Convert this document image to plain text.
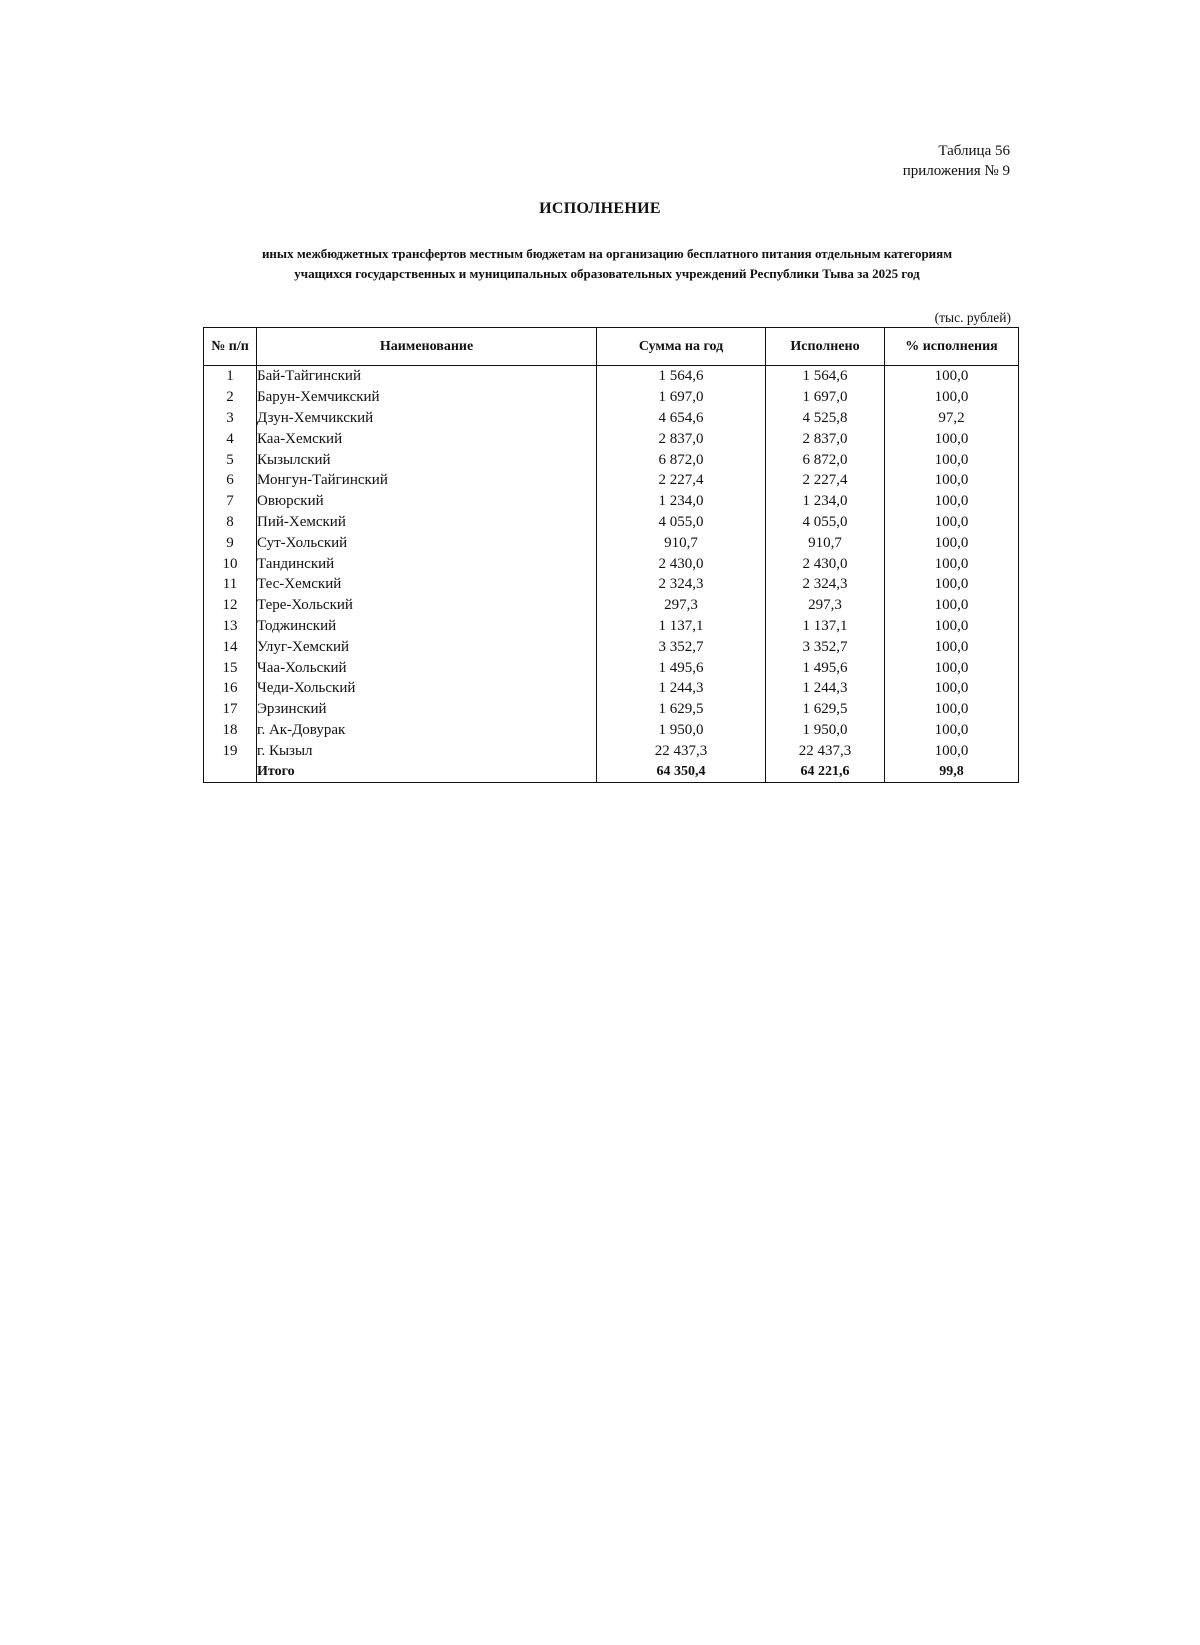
Таблица 56
приложения № 9
ИСПОЛНЕНИЕ
иных межбюджетных трансфертов местным бюджетам на организацию бесплатного питания отдельным категориям
учащихся государственных и муниципальных образовательных учреждений Республики Тыва за 2025 год
(тыс. рублей)
№ п/п	Наименование	Сумма на год	Исполнено	% исполнения
1	Бай-Тайгинский	1 564,6	1 564,6	100,0
2	Барун-Хемчикский	1 697,0	1 697,0	100,0
3	Дзун-Хемчикский	4 654,6	4 525,8	97,2
4	Каа-Хемский	2 837,0	2 837,0	100,0
5	Кызылский	6 872,0	6 872,0	100,0
6	Монгун-Тайгинский	2 227,4	2 227,4	100,0
7	Овюрский	1 234,0	1 234,0	100,0
8	Пий-Хемский	4 055,0	4 055,0	100,0
9	Сут-Хольский	910,7	910,7	100,0
10	Тандинский	2 430,0	2 430,0	100,0
11	Тес-Хемский	2 324,3	2 324,3	100,0
12	Тере-Хольский	297,3	297,3	100,0
13	Тоджинский	1 137,1	1 137,1	100,0
14	Улуг-Хемский	3 352,7	3 352,7	100,0
15	Чаа-Хольский	1 495,6	1 495,6	100,0
16	Чеди-Хольский	1 244,3	1 244,3	100,0
17	Эрзинский	1 629,5	1 629,5	100,0
18	г. Ак-Довурак	1 950,0	1 950,0	100,0
19	г. Кызыл	22 437,3	22 437,3	100,0
	Итого	64 350,4	64 221,6	99,8
